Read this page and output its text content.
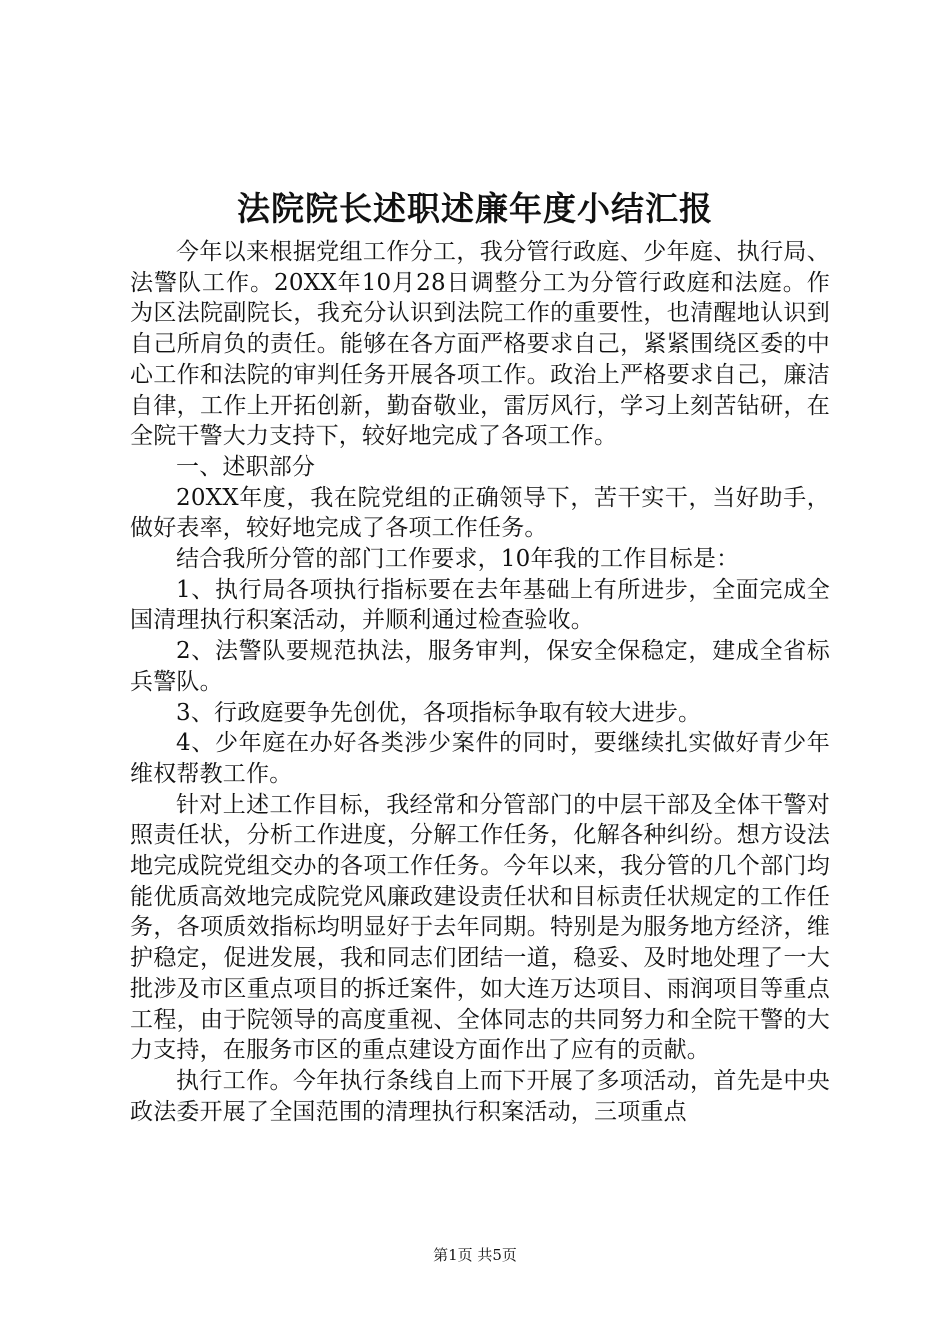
法院院长述职述廉年度小结汇报

今年以来根据党组工作分工，我分管行政庭、少年庭、执行局、法警队工作。20XX年10月28日调整分工为分管行政庭和法庭。作为区法院副院长，我充分认识到法院工作的重要性，也清醒地认识到自己所肩负的责任。能够在各方面严格要求自己，紧紧围绕区委的中心工作和法院的审判任务开展各项工作。政治上严格要求自己，廉洁自律，工作上开拓创新，勤奋敬业，雷厉风行，学习上刻苦钻研，在全院干警大力支持下，较好地完成了各项工作。

一、述职部分

20XX年度，我在院党组的正确领导下，苦干实干，当好助手，做好表率，较好地完成了各项工作任务。

结合我所分管的部门工作要求，10年我的工作目标是：

1、执行局各项执行指标要在去年基础上有所进步，全面完成全国清理执行积案活动，并顺利通过检查验收。

2、法警队要规范执法，服务审判，保安全保稳定，建成全省标兵警队。

3、行政庭要争先创优，各项指标争取有较大进步。

4、少年庭在办好各类涉少案件的同时，要继续扎实做好青少年维权帮教工作。

针对上述工作目标，我经常和分管部门的中层干部及全体干警对照责任状，分析工作进度，分解工作任务，化解各种纠纷。想方设法地完成院党组交办的各项工作任务。今年以来，我分管的几个部门均能优质高效地完成院党风廉政建设责任状和目标责任状规定的工作任务，各项质效指标均明显好于去年同期。特别是为服务地方经济，维护稳定，促进发展，我和同志们团结一道，稳妥、及时地处理了一大批涉及市区重点项目的拆迁案件，如大连万达项目、雨润项目等重点工程，由于院领导的高度重视、全体同志的共同努力和全院干警的大力支持，在服务市区的重点建设方面作出了应有的贡献。

执行工作。今年执行条线自上而下开展了多项活动，首先是中央政法委开展了全国范围的清理执行积案活动，三项重点

第1页 共5页
